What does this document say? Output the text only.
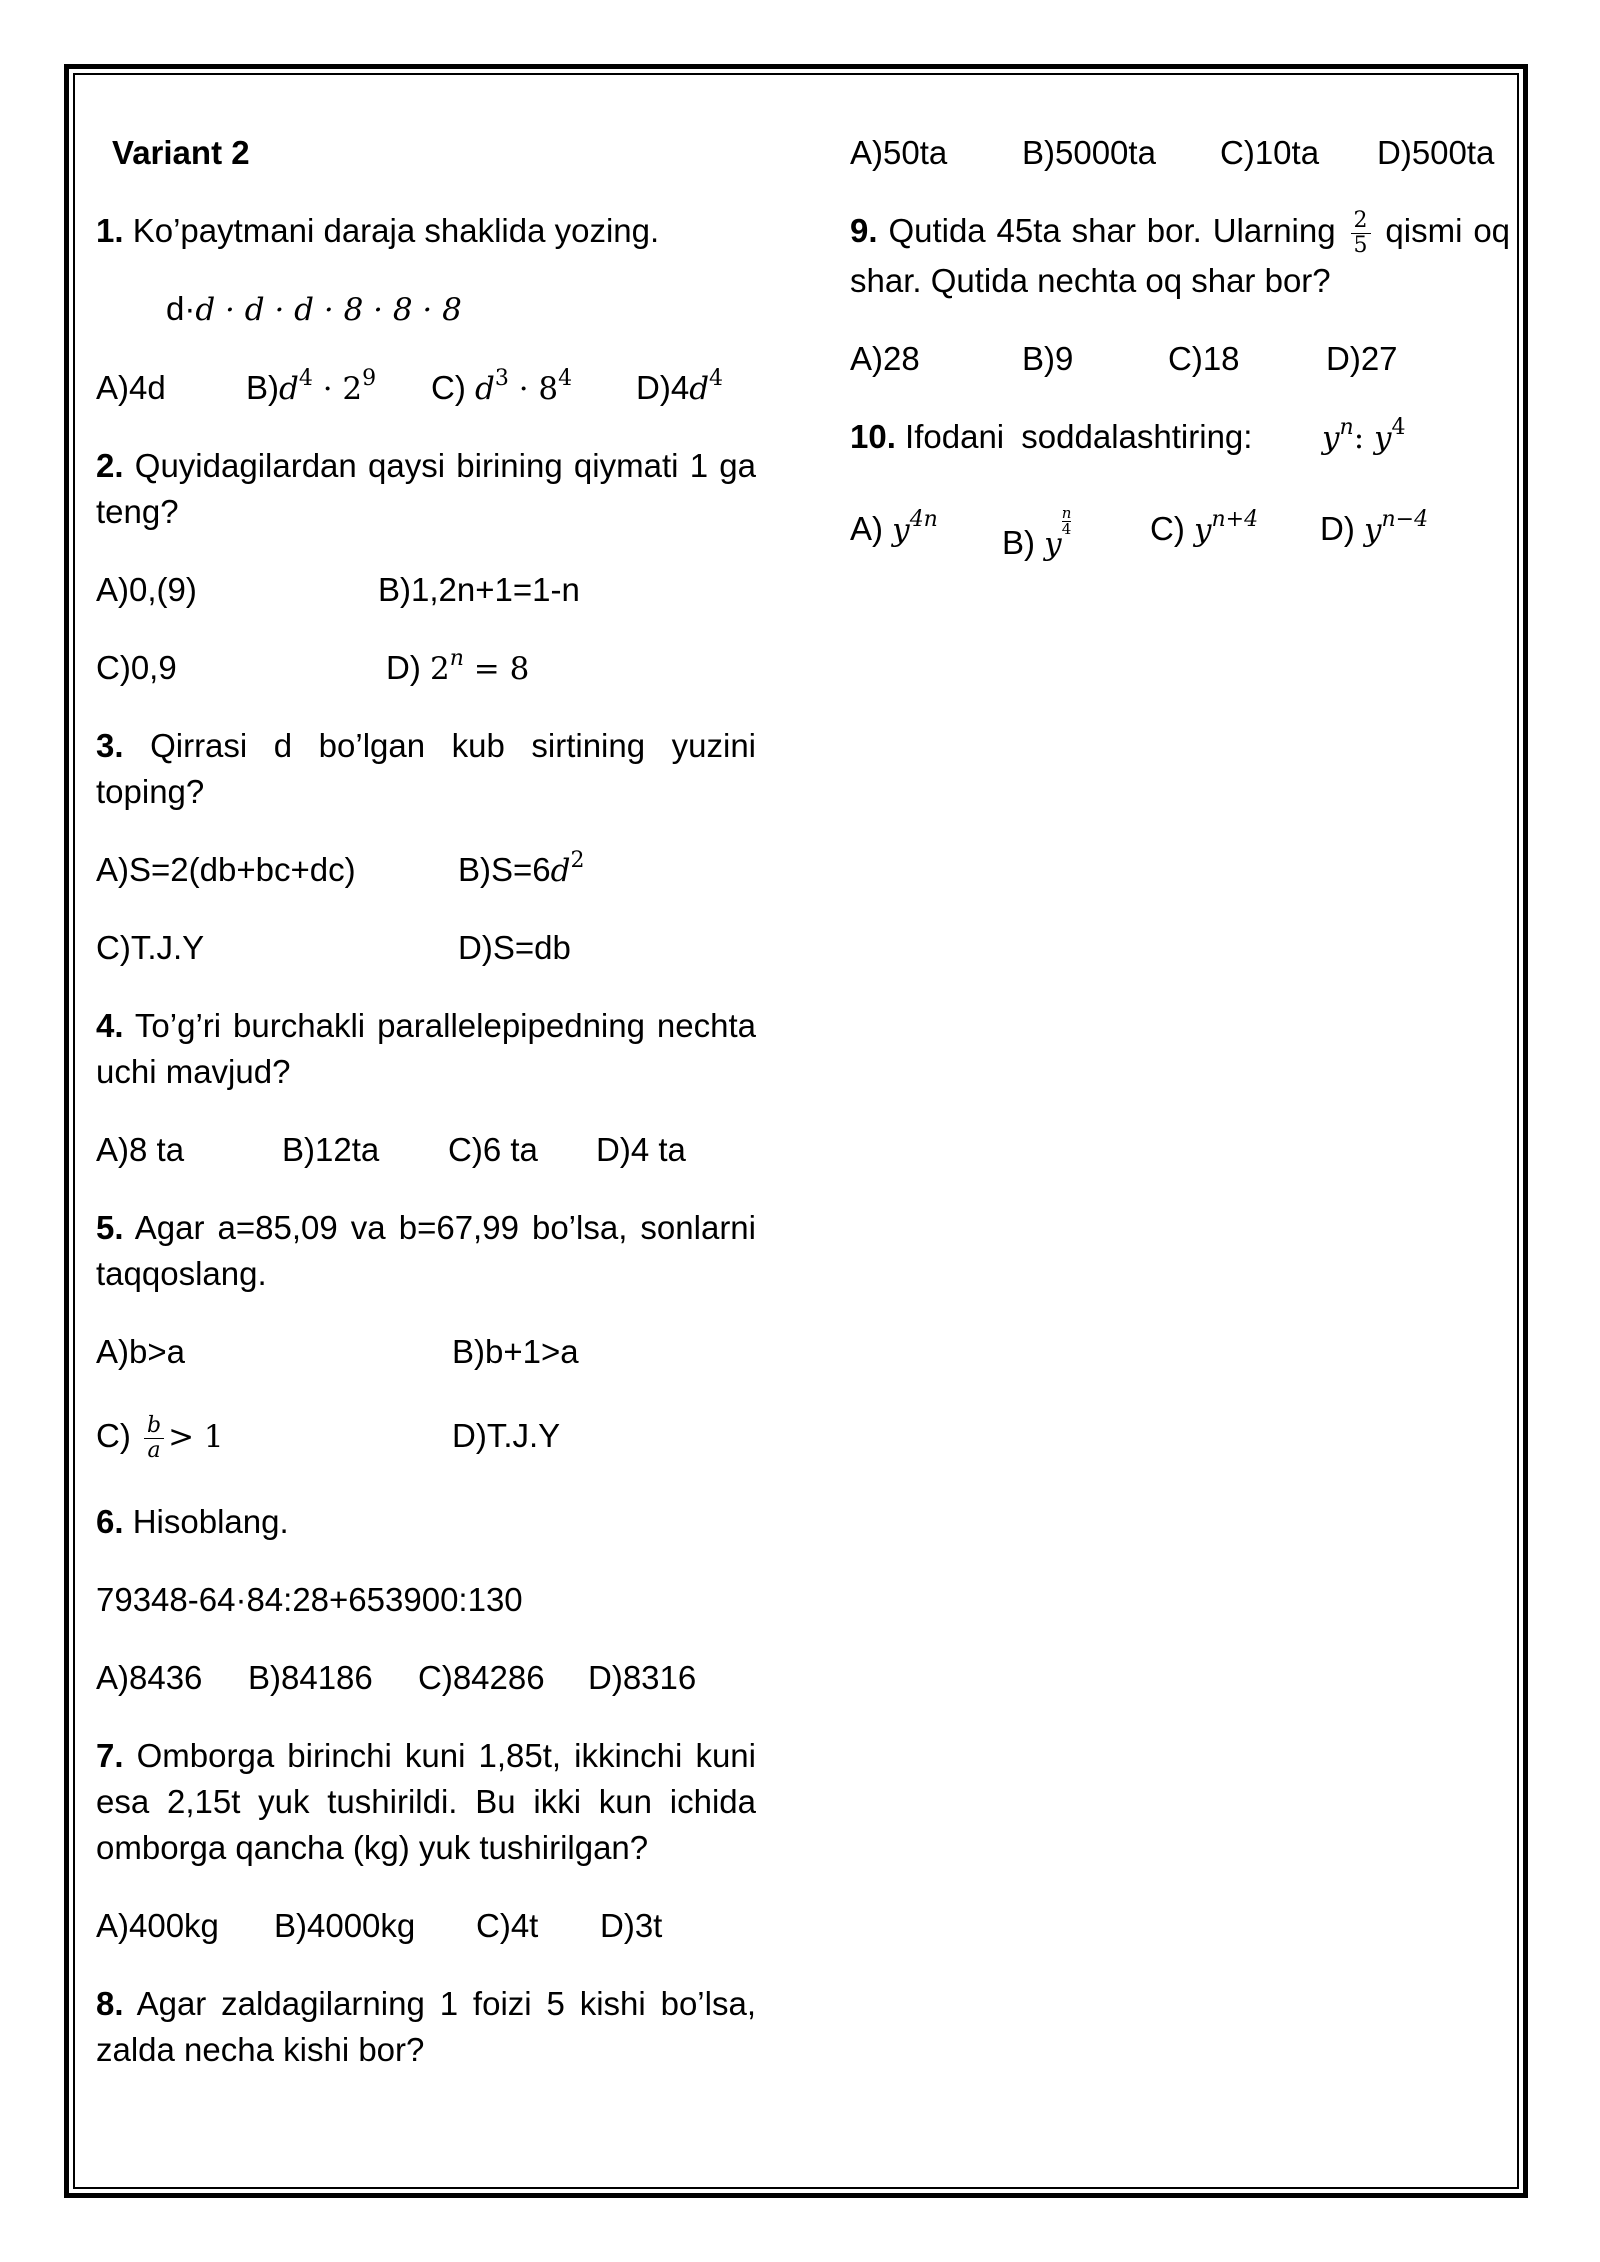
Variant 2
1. Ko’paytmani daraja shaklida yozing.
d·d · d · d · 8 · 8 · 8
A)4d $B)d^4 \cdot 2^9$ C) $d^3 \cdot 8^4$ $D)4d^4$
2. Quyidagilardan qaysi birining qiymati 1 ga teng?
A)0,(9)	B)1,2n+1=1-n
C)0,9	D) $2^n = 8$
3. Qirrasi d bo’lgan kub sirtining yuzini toping?
A)S=2(db+bc+dc)	$B)S=6d^2$
C)T.J.Y	D)S=db
4. To’g’ri burchakli parallelepipedning nechta uchi mavjud?
A)8 ta	B)12ta C)6 ta D)4 ta
5. Agar a=85,09 va b=67,99 bo’lsa, sonlarni taqqoslang.
A)b>a	B)b+1>a
$C) \frac{b}{a} > 1$	D)T.J.Y
6. Hisoblang.
79348-64·84:28+653900:130
A)8436 B)84186 C)84286 D)8316
7. Omborga birinchi kuni 1,85t, ikkinchi kuni esa 2,15t yuk tushirildi. Bu ikki kun ichida omborga qancha (kg) yuk tushirilgan?
A)400kg B)4000kg C)4t D)3t
8. Agar zaldagilarning 1 foizi 5 kishi bo’lsa, zalda necha kishi bor?
A)50ta B)5000ta C)10ta D)500ta
9. Qutida 45ta shar bor. Ularning $\frac{2}{5}$ qismi oq shar. Qutida nechta oq shar bor?
A)28	B)9	C)18	D)27
10. Ifodani soddalashtiring: $y^n$: $y^4$
A) $y^{4n}$
B) y
$\frac{n}{4} C$) $y^{n+4}$ D) $y^{n-4}$
